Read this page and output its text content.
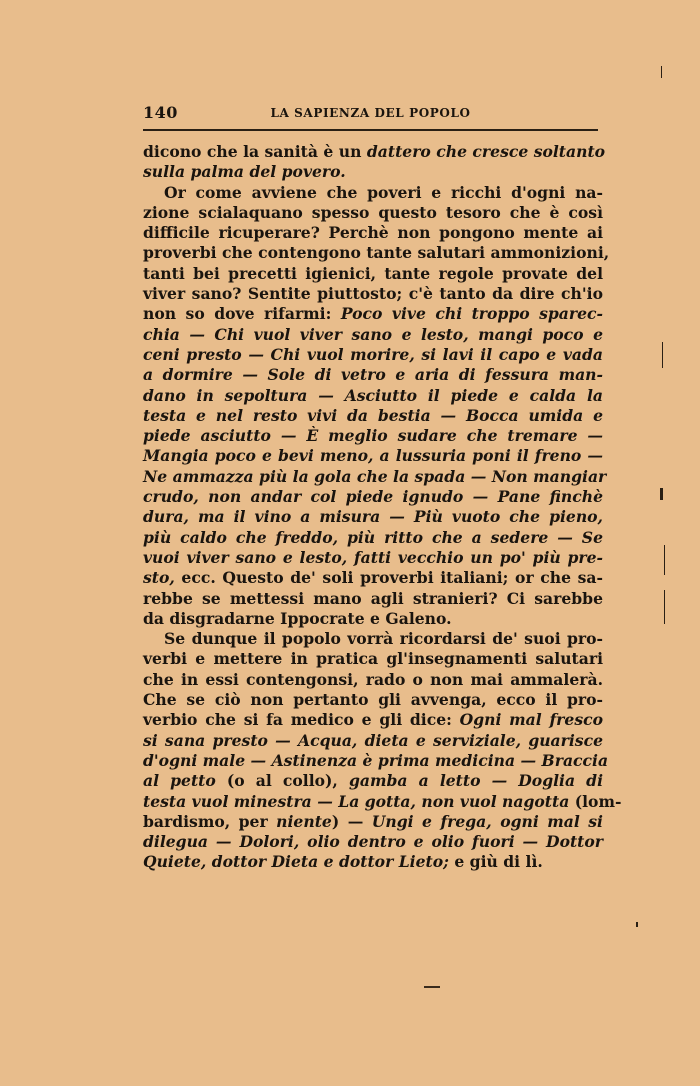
140	LA SAPIENZA DEL POPOLO
dicono che la sanità è un dattero che cresce soltanto
sulla palma del povero.
Or come avviene che poveri e ricchi d'ogni na-
zione scialaquano spesso questo tesoro che è così
difficile ricuperare? Perchè non pongono mente ai
proverbi che contengono tante salutari ammonizioni,
tanti bei precetti igienici, tante regole provate del
viver sano? Sentite piuttosto; c'è tanto da dire ch'io
non so dove rifarmi: Poco vive chi troppo sparec-
chia — Chi vuol viver sano e lesto, mangi poco e
ceni presto — Chi vuol morire, si lavi il capo e vada
a dormire — Sole di vetro e aria di fessura man-
dano in sepoltura — Asciutto il piede e calda la
testa e nel resto vivi da bestia — Bocca umida e
piede asciutto — È meglio sudare che tremare —
Mangia poco e bevi meno, a lussuria poni il freno —
Ne ammazza più la gola che la spada — Non mangiar
crudo, non andar col piede ignudo — Pane finchè
dura, ma il vino a misura — Più vuoto che pieno,
più caldo che freddo, più ritto che a sedere — Se
vuoi viver sano e lesto, fatti vecchio un po' più pre-
sto, ecc. Questo de' soli proverbi italiani; or che sa-
rebbe se mettessi mano agli stranieri? Ci sarebbe
da disgradarne Ippocrate e Galeno.
Se dunque il popolo vorrà ricordarsi de' suoi pro-
verbi e mettere in pratica gl'insegnamenti salutari
che in essi contengonsi, rado o non mai ammalerà.
Che se ciò non pertanto gli avvenga, ecco il pro-
verbio che si fa medico e gli dice: Ogni mal fresco
si sana presto — Acqua, dieta e serviziale, guarisce
d'ogni male — Astinenza è prima medicina — Braccia
al petto (o al collo), gamba a letto — Doglia di
testa vuol minestra — La gotta, non vuol nagotta (lom-
bardismo, per niente) — Ungi e frega, ogni mal si
dilegua — Dolori, olio dentro e olio fuori — Dottor
Quiete, dottor Dieta e dottor Lieto; e giù di lì.
